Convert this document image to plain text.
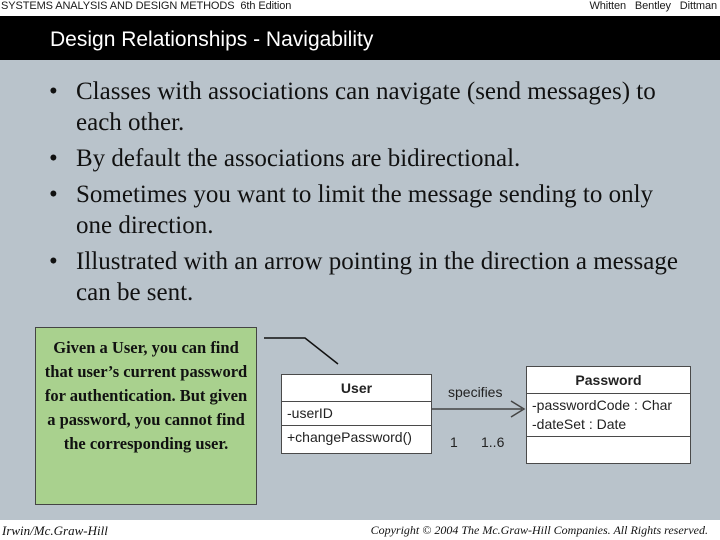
SYSTEMS ANALYSIS AND DESIGN METHODS 6th Edition	Whitten Bentley Dittman
Design Relationships - Navigability
• Classes with associations can navigate (send messages) to each other.
• By default the associations are bidirectional.
• Sometimes you want to limit the message sending to only one direction.
• Illustrated with an arrow pointing in the direction a message can be sent.
Given a User, you can find that user’s current password for authentication. But given a password, you cannot find the corresponding user.
User
-userID
+changePassword()
Password
-passwordCode : Char
-dateSet : Date
specifies
1 1..6
Irwin/Mc.Graw-Hill	Copyright © 2004 The Mc.Graw-Hill Companies. All Rights reserved.
